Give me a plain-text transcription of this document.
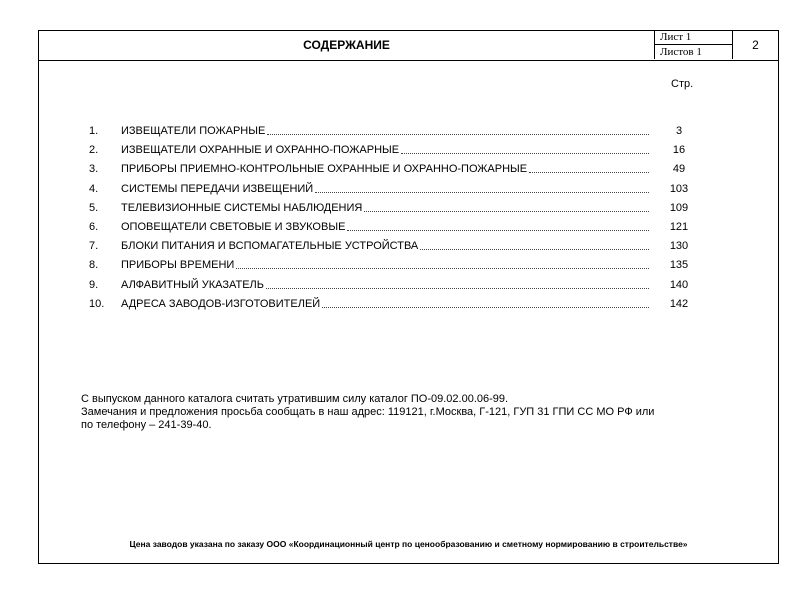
СОДЕРЖАНИЕ
Лист 1
Листов 1	2
Стр.
1.	ИЗВЕЩАТЕЛИ ПОЖАРНЫЕ	3
2.	ИЗВЕЩАТЕЛИ ОХРАННЫЕ И ОХРАННО-ПОЖАРНЫЕ	16
3.	ПРИБОРЫ ПРИЕМНО-КОНТРОЛЬНЫЕ ОХРАННЫЕ И ОХРАННО-ПОЖАРНЫЕ	49
4.	СИСТЕМЫ ПЕРЕДАЧИ ИЗВЕЩЕНИЙ	103
5.	ТЕЛЕВИЗИОННЫЕ СИСТЕМЫ НАБЛЮДЕНИЯ	109
6.	ОПОВЕЩАТЕЛИ СВЕТОВЫЕ И ЗВУКОВЫЕ	121
7.	БЛОКИ ПИТАНИЯ И ВСПОМАГАТЕЛЬНЫЕ УСТРОЙСТВА	130
8.	ПРИБОРЫ ВРЕМЕНИ	135
9.	АЛФАВИТНЫЙ УКАЗАТЕЛЬ	140
10.	АДРЕСА ЗАВОДОВ-ИЗГОТОВИТЕЛЕЙ	142
С выпуском данного каталога считать утратившим силу каталог ПО-09.02.00.06-99.
Замечания и предложения просьба сообщать в наш адрес: 119121, г.Москва, Г-121, ГУП 31 ГПИ СС МО РФ или
по телефону – 241-39-40.
Цена заводов указана по заказу ООО «Координационный центр по ценообразованию и сметному нормированию в строительстве»
